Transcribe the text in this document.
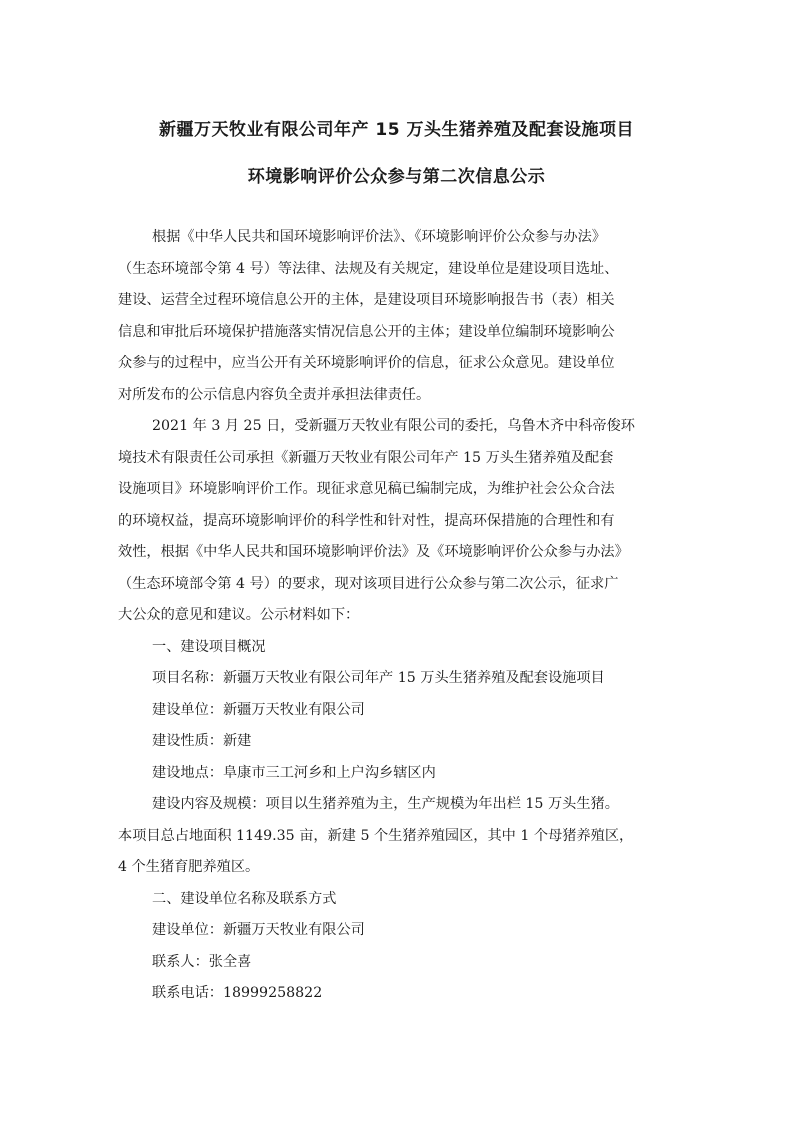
新疆万天牧业有限公司年产 15 万头生猪养殖及配套设施项目
环境影响评价公众参与第二次信息公示
根据《中华人民共和国环境影响评价法》、《环境影响评价公众参与办法》
（生态环境部令第 4 号）等法律、法规及有关规定，建设单位是建设项目选址、
建设、运营全过程环境信息公开的主体，是建设项目环境影响报告书（表）相关
信息和审批后环境保护措施落实情况信息公开的主体；建设单位编制环境影响公
众参与的过程中，应当公开有关环境影响评价的信息，征求公众意见。建设单位
对所发布的公示信息内容负全责并承担法律责任。
2021 年 3 月 25 日，受新疆万天牧业有限公司的委托，乌鲁木齐中科帝俊环
境技术有限责任公司承担《新疆万天牧业有限公司年产 15 万头生猪养殖及配套
设施项目》环境影响评价工作。现征求意见稿已编制完成，为维护社会公众合法
的环境权益，提高环境影响评价的科学性和针对性，提高环保措施的合理性和有
效性，根据《中华人民共和国环境影响评价法》及《环境影响评价公众参与办法》
（生态环境部令第 4 号）的要求，现对该项目进行公众参与第二次公示，征求广
大公众的意见和建议。公示材料如下：
一、建设项目概况
项目名称：新疆万天牧业有限公司年产 15 万头生猪养殖及配套设施项目
建设单位：新疆万天牧业有限公司
建设性质：新建
建设地点：阜康市三工河乡和上户沟乡辖区内
建设内容及规模：项目以生猪养殖为主，生产规模为年出栏 15 万头生猪。
本项目总占地面积 1149.35 亩，新建 5 个生猪养殖园区，其中 1 个母猪养殖区，
4 个生猪育肥养殖区。
二、建设单位名称及联系方式
建设单位：新疆万天牧业有限公司
联系人：张全喜
联系电话：18999258822
